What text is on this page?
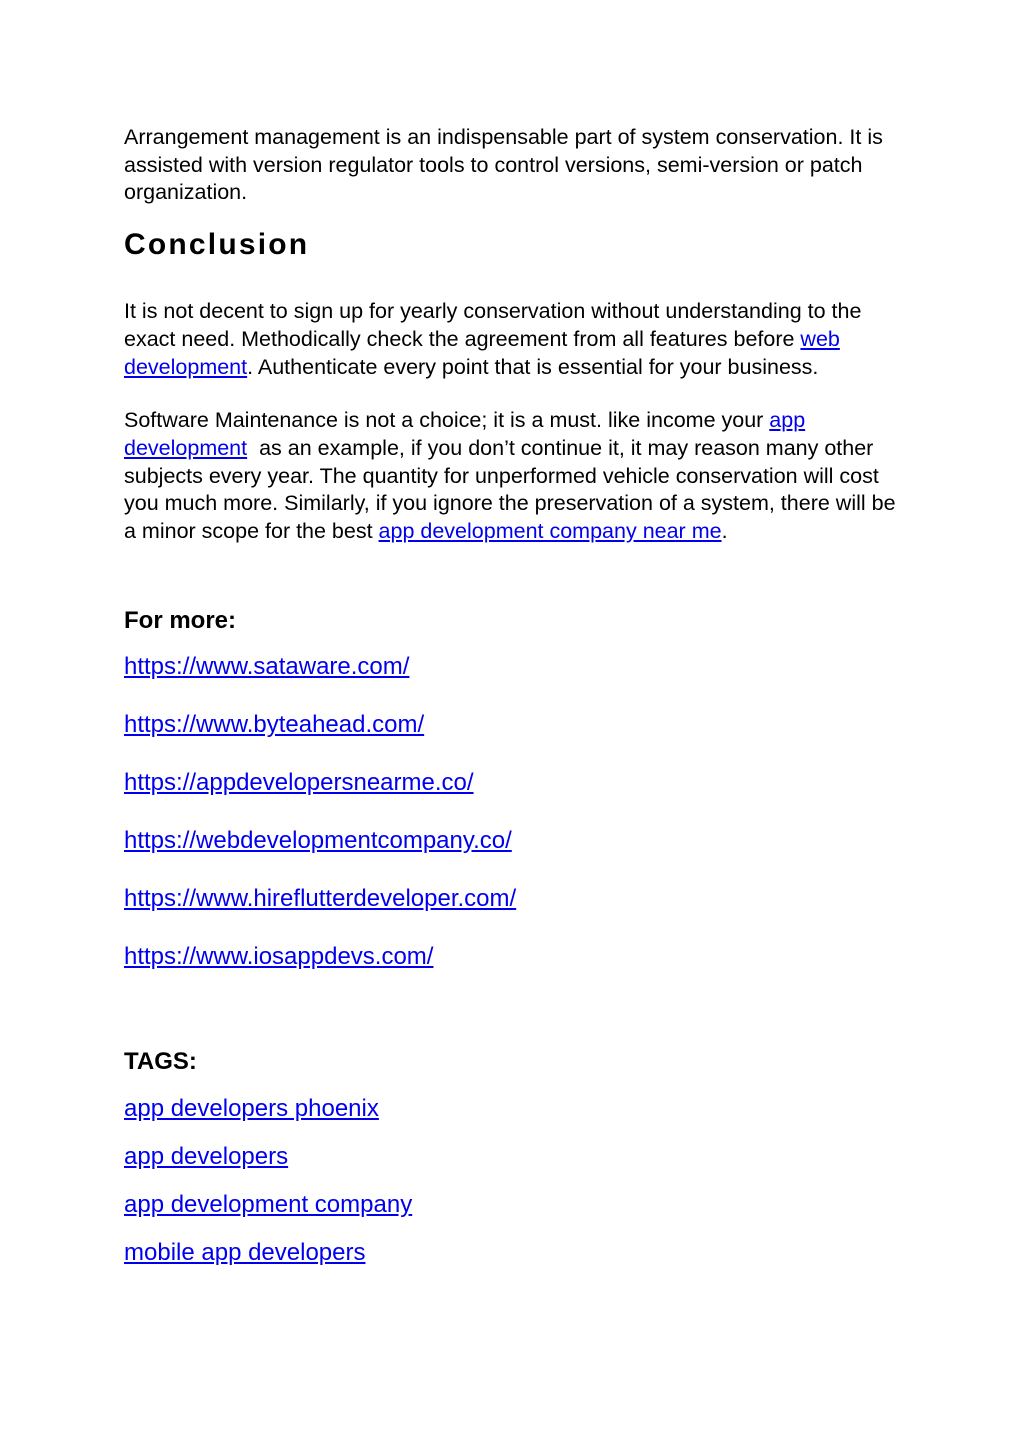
Arrangement management is an indispensable part of system conservation. It is assisted with version regulator tools to control versions, semi-version or patch organization.

Conclusion

It is not decent to sign up for yearly conservation without understanding to the exact need. Methodically check the agreement from all features before web development. Authenticate every point that is essential for your business.

Software Maintenance is not a choice; it is a must. like income your app development  as an example, if you don’t continue it, it may reason many other subjects every year. The quantity for unperformed vehicle conservation will cost you much more. Similarly, if you ignore the preservation of a system, there will be a minor scope for the best app development company near me.

For more:
https://www.sataware.com/
https://www.byteahead.com/
https://appdevelopersnearme.co/
https://webdevelopmentcompany.co/
https://www.hireflutterdeveloper.com/
https://www.iosappdevs.com/
TAGS:
app developers phoenix
app developers
app development company
mobile app developers
